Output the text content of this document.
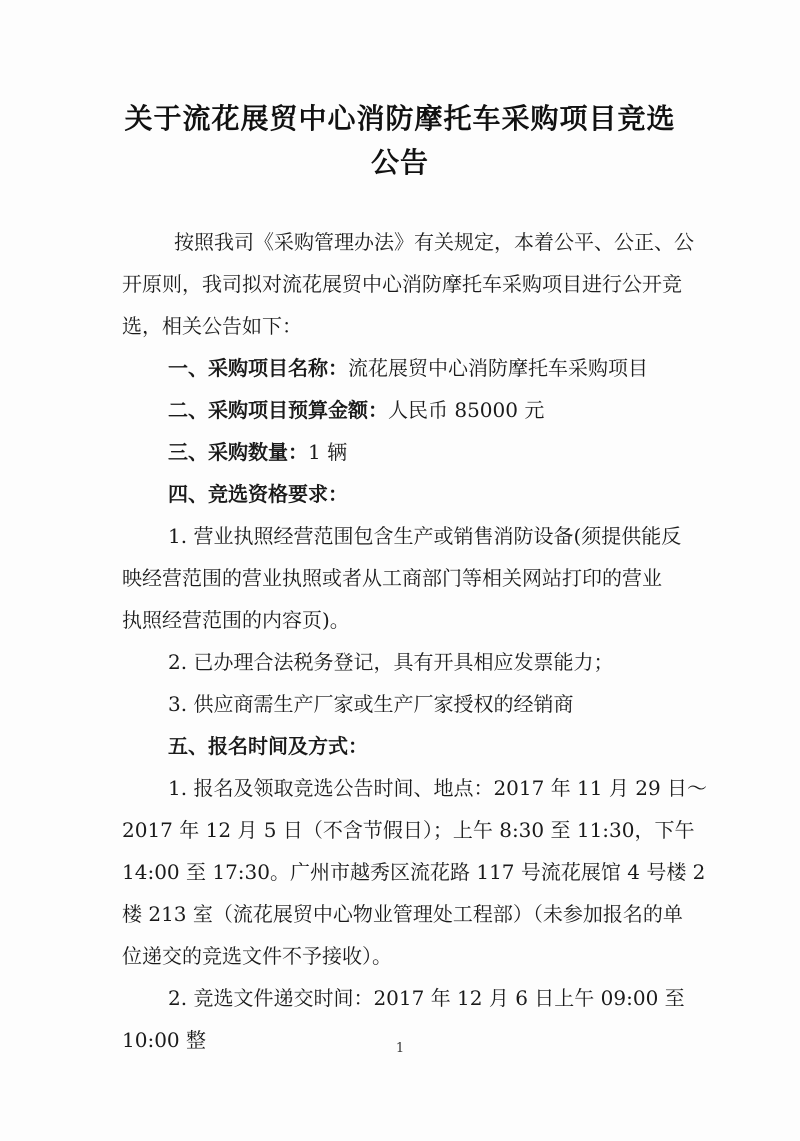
关于流花展贸中心消防摩托车采购项目竞选
公告
按照我司《采购管理办法》有关规定，本着公平、公正、公
开原则，我司拟对流花展贸中心消防摩托车采购项目进行公开竞
选，相关公告如下：
一、采购项目名称：流花展贸中心消防摩托车采购项目
二、采购项目预算金额：人民币 85000 元
三、采购数量：1 辆
四、竞选资格要求：
1. 营业执照经营范围包含生产或销售消防设备(须提供能反
映经营范围的营业执照或者从工商部门等相关网站打印的营业
执照经营范围的内容页)。
2. 已办理合法税务登记，具有开具相应发票能力；
3. 供应商需生产厂家或生产厂家授权的经销商
五、报名时间及方式：
1. 报名及领取竞选公告时间、地点：2017 年 11 月 29 日～
2017 年 12 月 5 日（不含节假日）；上午 8:30 至 11:30，下午
14:00 至 17:30。广州市越秀区流花路 117 号流花展馆 4 号楼 2
楼 213 室（流花展贸中心物业管理处工程部）（未参加报名的单
位递交的竞选文件不予接收）。
2. 竞选文件递交时间：2017 年 12 月 6 日上午 09:00 至
10:00 整	1
